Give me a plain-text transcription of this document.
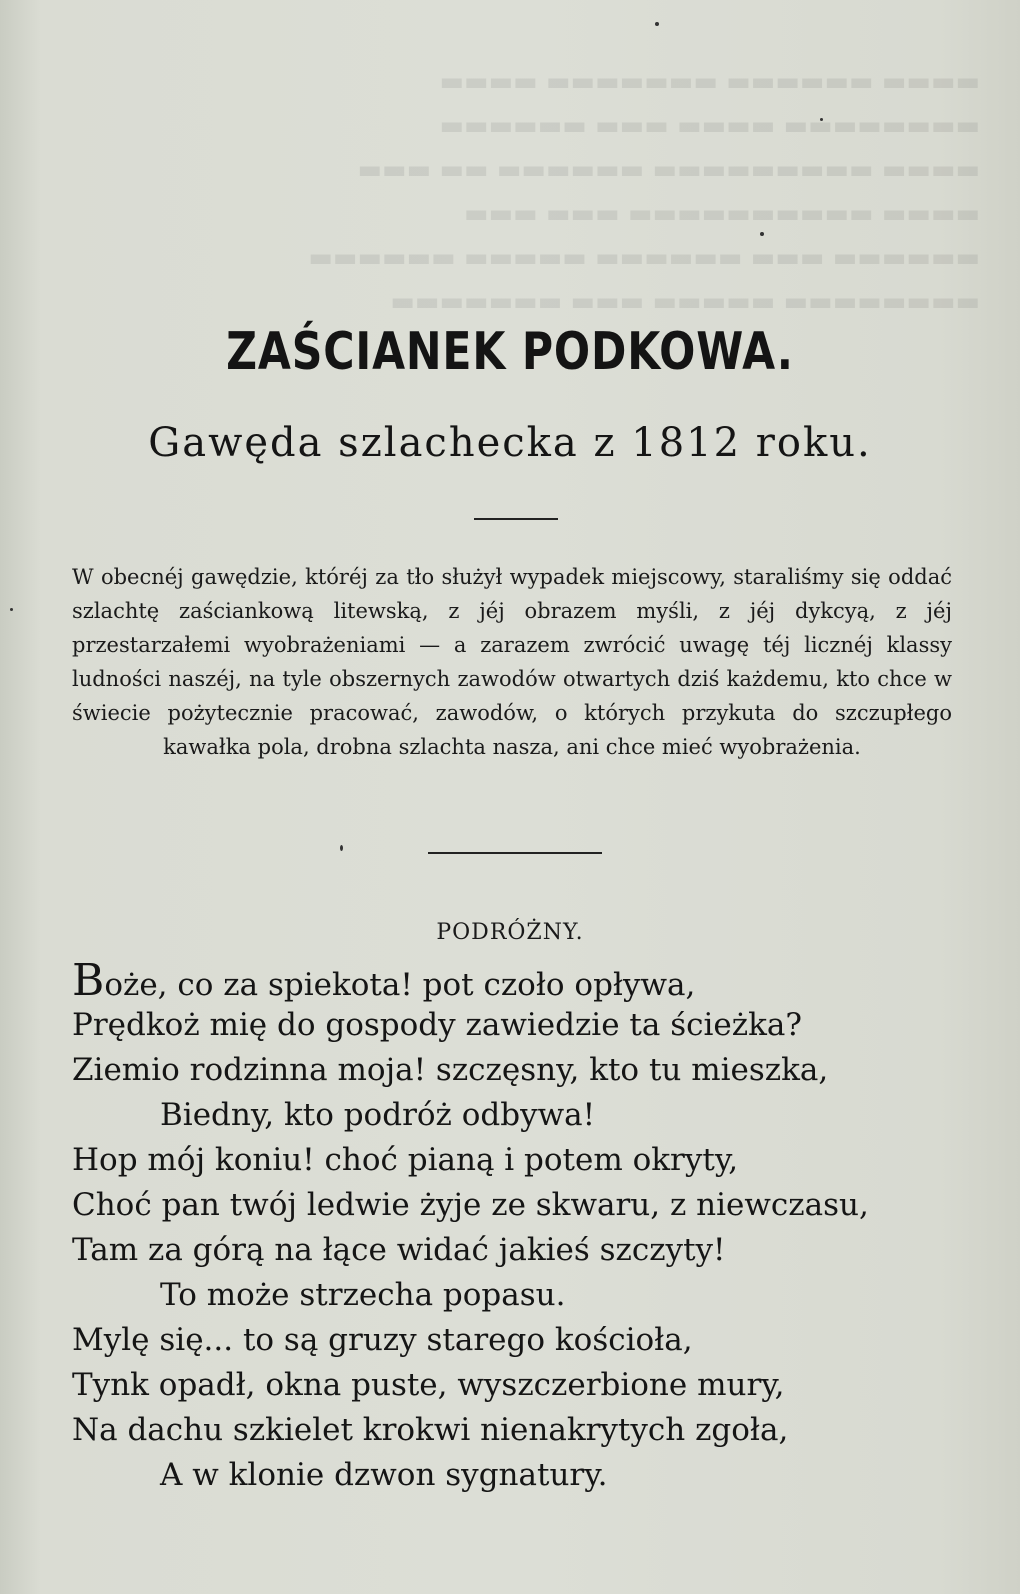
▬▬▬▬ ▬▬▬▬▬▬▬ ▬▬▬▬▬▬ ▬▬▬▬
▬▬▬▬▬▬ ▬▬▬ ▬▬▬▬ ▬▬▬▬▬▬▬▬
▬▬▬ ▬▬ ▬▬▬▬▬▬ ▬▬▬▬▬▬▬▬▬ ▬▬▬▬
▬▬▬ ▬▬▬ ▬▬▬▬▬▬▬▬▬▬ ▬▬▬▬
▬▬▬▬▬▬ ▬▬▬▬▬ ▬▬▬▬▬▬ ▬▬▬ ▬▬▬▬▬▬
▬▬▬▬▬▬▬ ▬▬▬ ▬▬▬▬▬ ▬▬▬▬▬▬▬▬
ZAŚCIANEK PODKOWA.
Gawęda szlachecka z 1812 roku.
W obecnéj gawędzie, któréj za tło służył wypadek miejscowy, staraliśmy się oddać szlachtę zaściankową litewską, z jéj obrazem myśli, z jéj dykcyą, z jéj przestarzałemi wyobrażeniami — a zarazem zwrócić uwagę téj licznéj klassy ludności naszéj, na tyle obszernych zawodów otwartych dziś każdemu, kto chce w świecie pożytecznie pracować, zawodów, o których przykuta do szczupłego kawałka pola, drobna szlachta nasza, ani chce mieć wyobrażenia.
PODRÓŻNY.
Boże, co za spiekota! pot czoło opływa,
Prędkoż mię do gospody zawiedzie ta ścieżka?
Ziemio rodzinna moja! szczęsny, kto tu mieszka,
Biedny, kto podróż odbywa!
Hop mój koniu! choć pianą i potem okryty,
Choć pan twój ledwie żyje ze skwaru, z niewczasu,
Tam za górą na łące widać jakieś szczyty!
To może strzecha popasu.
Mylę się... to są gruzy starego kościoła,
Tynk opadł, okna puste, wyszczerbione mury,
Na dachu szkielet krokwi nienakrytych zgoła,
A w klonie dzwon sygnatury.
